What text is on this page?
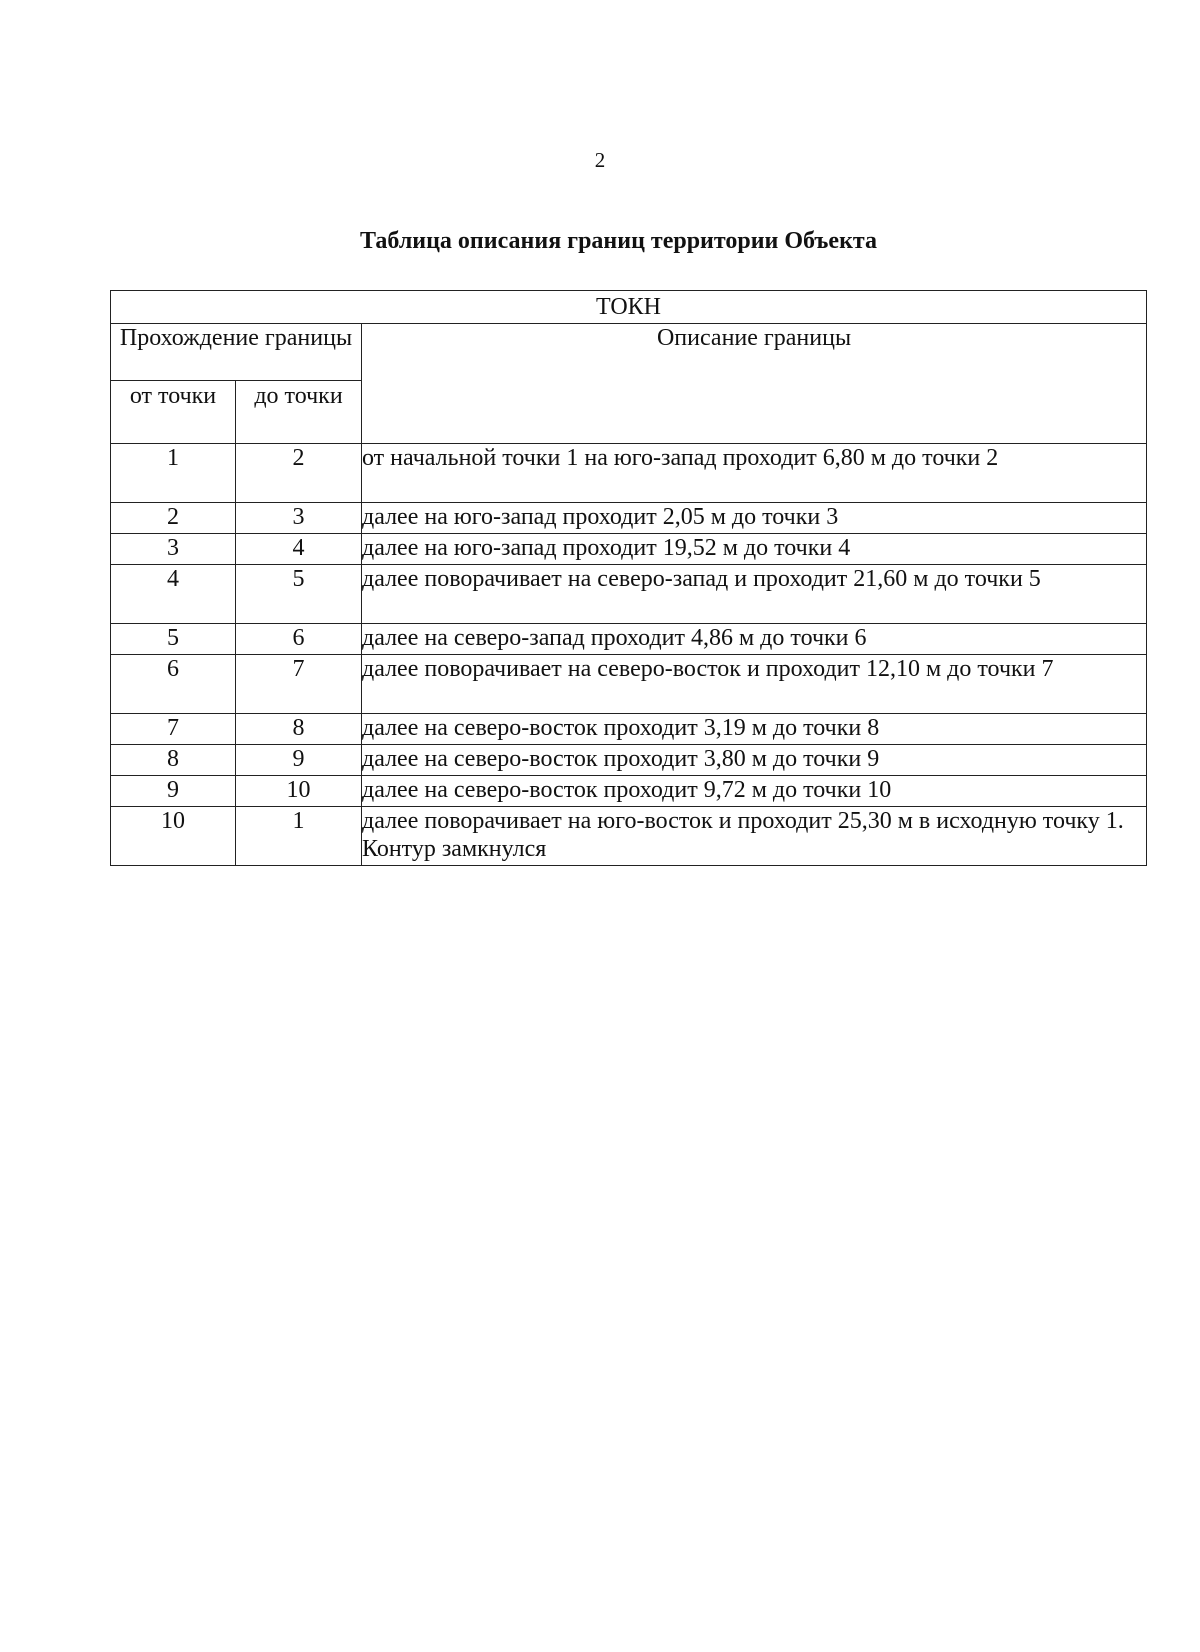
2
Таблица описания границ территории Объекта
ТОКН		
Прохождение границы		Описание границы
от точки	до точки	
1	2	от начальной точки 1 на юго-запад проходит 6,80 м до точки 2
2	3	далее на юго-запад проходит 2,05 м до точки 3
3	4	далее на юго-запад проходит 19,52 м до точки 4
4	5	далее поворачивает на северо-запад и проходит 21,60 м до точки 5
5	6	далее на северо-запад проходит 4,86 м до точки 6
6	7	далее поворачивает на северо-восток и проходит 12,10 м до точки 7
7	8	далее на северо-восток проходит 3,19 м до точки 8
8	9	далее на северо-восток проходит 3,80 м до точки 9
9	10	далее на северо-восток проходит 9,72 м до точки 10
10	1	далее поворачивает на юго-восток и проходит 25,30 м в исходную точку 1. Контур замкнулся
